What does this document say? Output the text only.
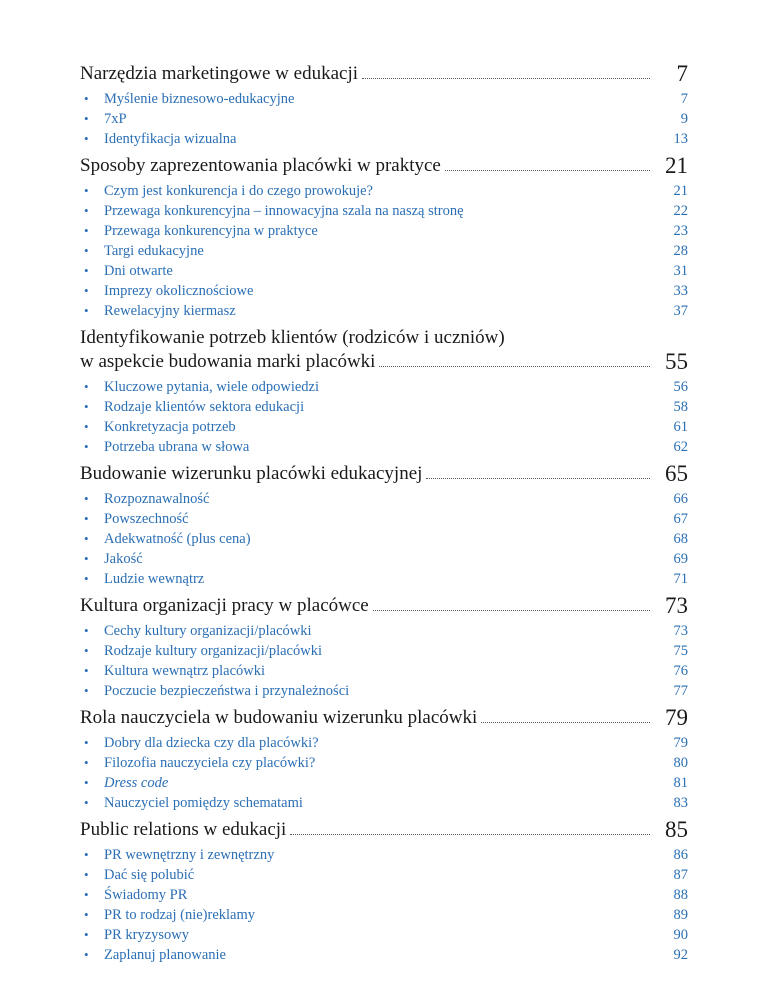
Narzędzia marketingowe w edukacji	7
•	Myślenie biznesowo-edukacyjne	7
•	7xP	9
•	Identyfikacja wizualna	13
Sposoby zaprezentowania placówki w praktyce	21
•	Czym jest konkurencja i do czego prowokuje?	21
•	Przewaga konkurencyjna – innowacyjna szala na naszą stronę	22
•	Przewaga konkurencyjna w praktyce	23
•	Targi edukacyjne	28
•	Dni otwarte	31
•	Imprezy okolicznościowe	33
•	Rewelacyjny kiermasz	37
Identyfikowanie potrzeb klientów (rodziców i uczniów)
w aspekcie budowania marki placówki	55
•	Kluczowe pytania, wiele odpowiedzi	56
•	Rodzaje klientów sektora edukacji	58
•	Konkretyzacja potrzeb	61
•	Potrzeba ubrana w słowa	62
Budowanie wizerunku placówki edukacyjnej	65
•	Rozpoznawalność	66
•	Powszechność	67
•	Adekwatność (plus cena)	68
•	Jakość	69
•	Ludzie wewnątrz	71
Kultura organizacji pracy w placówce	73
•	Cechy kultury organizacji/placówki	73
•	Rodzaje kultury organizacji/placówki	75
•	Kultura wewnątrz placówki	76
•	Poczucie bezpieczeństwa i przynależności	77
Rola nauczyciela w budowaniu wizerunku placówki	79
•	Dobry dla dziecka czy dla placówki?	79
•	Filozofia nauczyciela czy placówki?	80
•	Dress code	81
•	Nauczyciel pomiędzy schematami	83
Public relations w edukacji	85
•	PR wewnętrzny i zewnętrzny	86
•	Dać się polubić	87
•	Świadomy PR	88
•	PR to rodzaj (nie)reklamy	89
•	PR kryzysowy	90
•	Zaplanuj planowanie	92
